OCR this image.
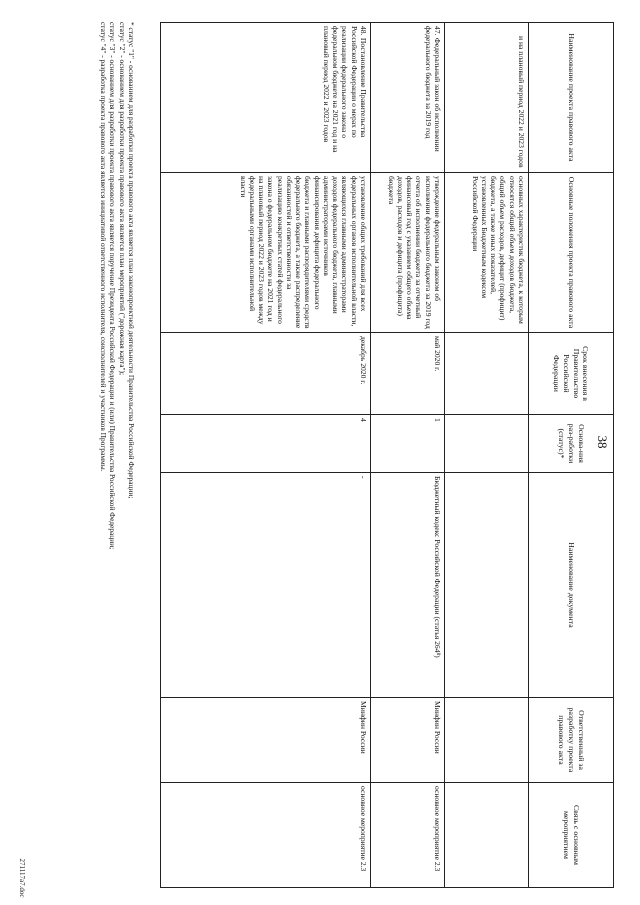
38
271117a7.doc
Наименование проекта правового акта	Основные положения проекта правового акта	Срок внесения в Правительство Российской Федерации	Основа-ния раз-работки (статус)*	Наименование документа	Ответственный за разработку проекта правового акта	Связь с основным мероприятием
и на плановый период 2022 и 2023 годов	основных характеристик бюджета, к которым относятся общий объем доходов бюджета, общий объем расходов, дефицит (профицит) бюджета, а также иных показателей, установленных Бюджетным кодексом Российской Федерации					
47. Федеральный закон об исполнении федерального бюджета за 2019 год	утверждение федеральным законом об исполнении федерального бюджета за 2019 год отчета об исполнении бюджета за отчетный финансовый год с указанием общего объема доходов, расходов и дефицита (профицита) бюджета	май 2020 г.	1	Бюджетный кодекс Российской Федерации (статья 264⁸)	Минфин России	основное мероприятие 2.3
48. Постановление Правительства Российской Федерации о мерах по реализации федерального закона о федеральном бюджете на 2021 год и на плановый период 2022 и 2023 годов	установление общих требований для всех федеральных органов исполнительной власти, являющихся главными администраторами доходов федерального бюджета, главными администраторами источников финансирования дефицита федерального бюджета и главными распорядителями средств федерального бюджета, а также распределение обязанностей и ответственности за реализацию конкретных статей федерального закона о федеральном бюджете на 2021 год и на плановый период 2022 и 2023 годов между федеральными органами исполнительной власти	декабрь 2020 г.	4	-	Минфин России	основное мероприятие 2.3
* статус "1" - основанием для разработки проекта правового акта является план законопроектной деятельности Правительства Российской Федерации;
статус "2" - основанием для разработки проекта правового акта является план мероприятий ("дорожная карта");
статус "3" - основанием для разработки проекта правового акта является поручение Президента Российской Федерации и (или) Правительства Российской Федерации;
статус "4" - разработка проекта правового акта является инициативой ответственного исполнителя, соисполнителей и участников Программы.
